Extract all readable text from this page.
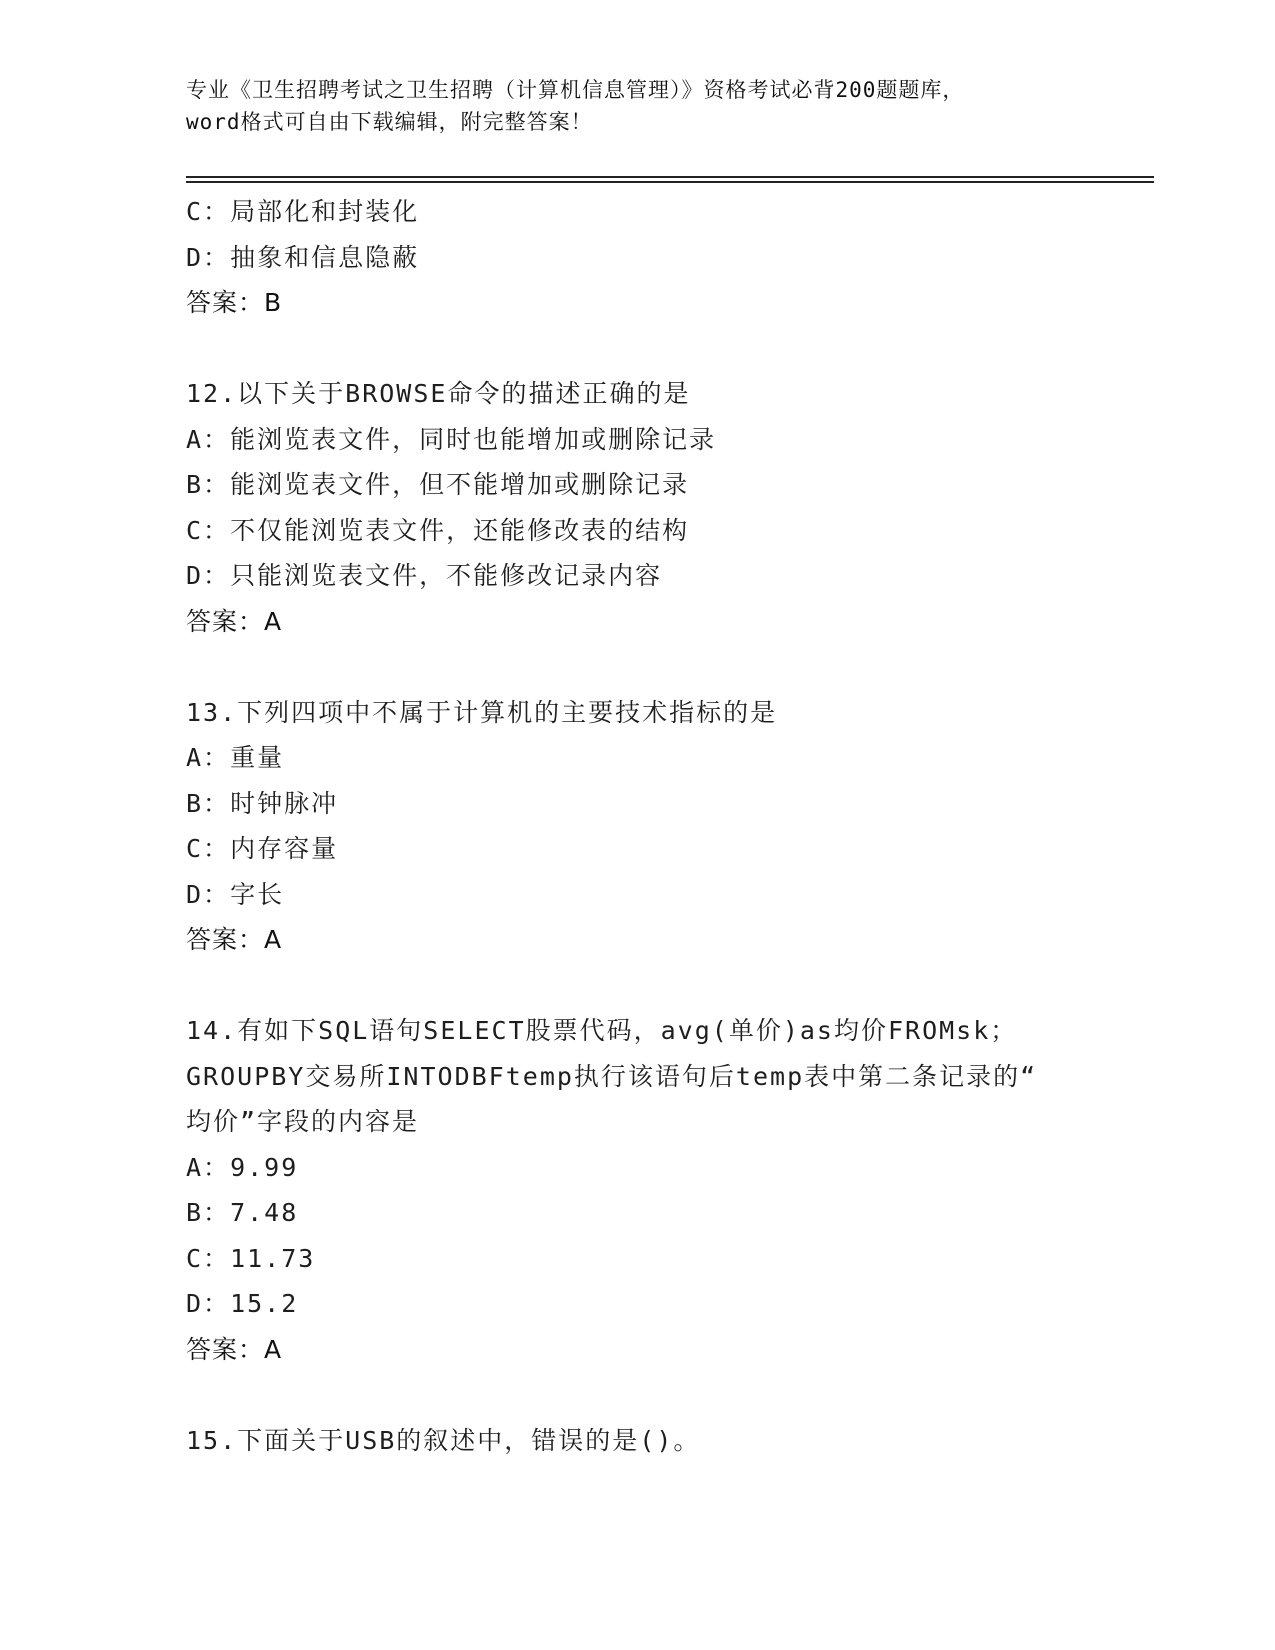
专业《卫生招聘考试之卫生招聘（计算机信息管理）》资格考试必背200题题库，
word格式可自由下载编辑，附完整答案！
C：局部化和封装化
D：抽象和信息隐蔽
答案：B
12.以下关于BROWSE命令的描述正确的是
A：能浏览表文件，同时也能增加或删除记录
B：能浏览表文件，但不能增加或删除记录
C：不仅能浏览表文件，还能修改表的结构
D：只能浏览表文件，不能修改记录内容
答案：A
13.下列四项中不属于计算机的主要技术指标的是
A：重量
B：时钟脉冲
C：内存容量
D：字长
答案：A
14.有如下SQL语句SELECT股票代码，avg(单价)as均价FROMsk；
GROUPBY交易所INTODBFtemp执行该语句后temp表中第二条记录的“
均价”字段的内容是
A：9.99
B：7.48
C：11.73
D：15.2
答案：A
15.下面关于USB的叙述中，错误的是()。
